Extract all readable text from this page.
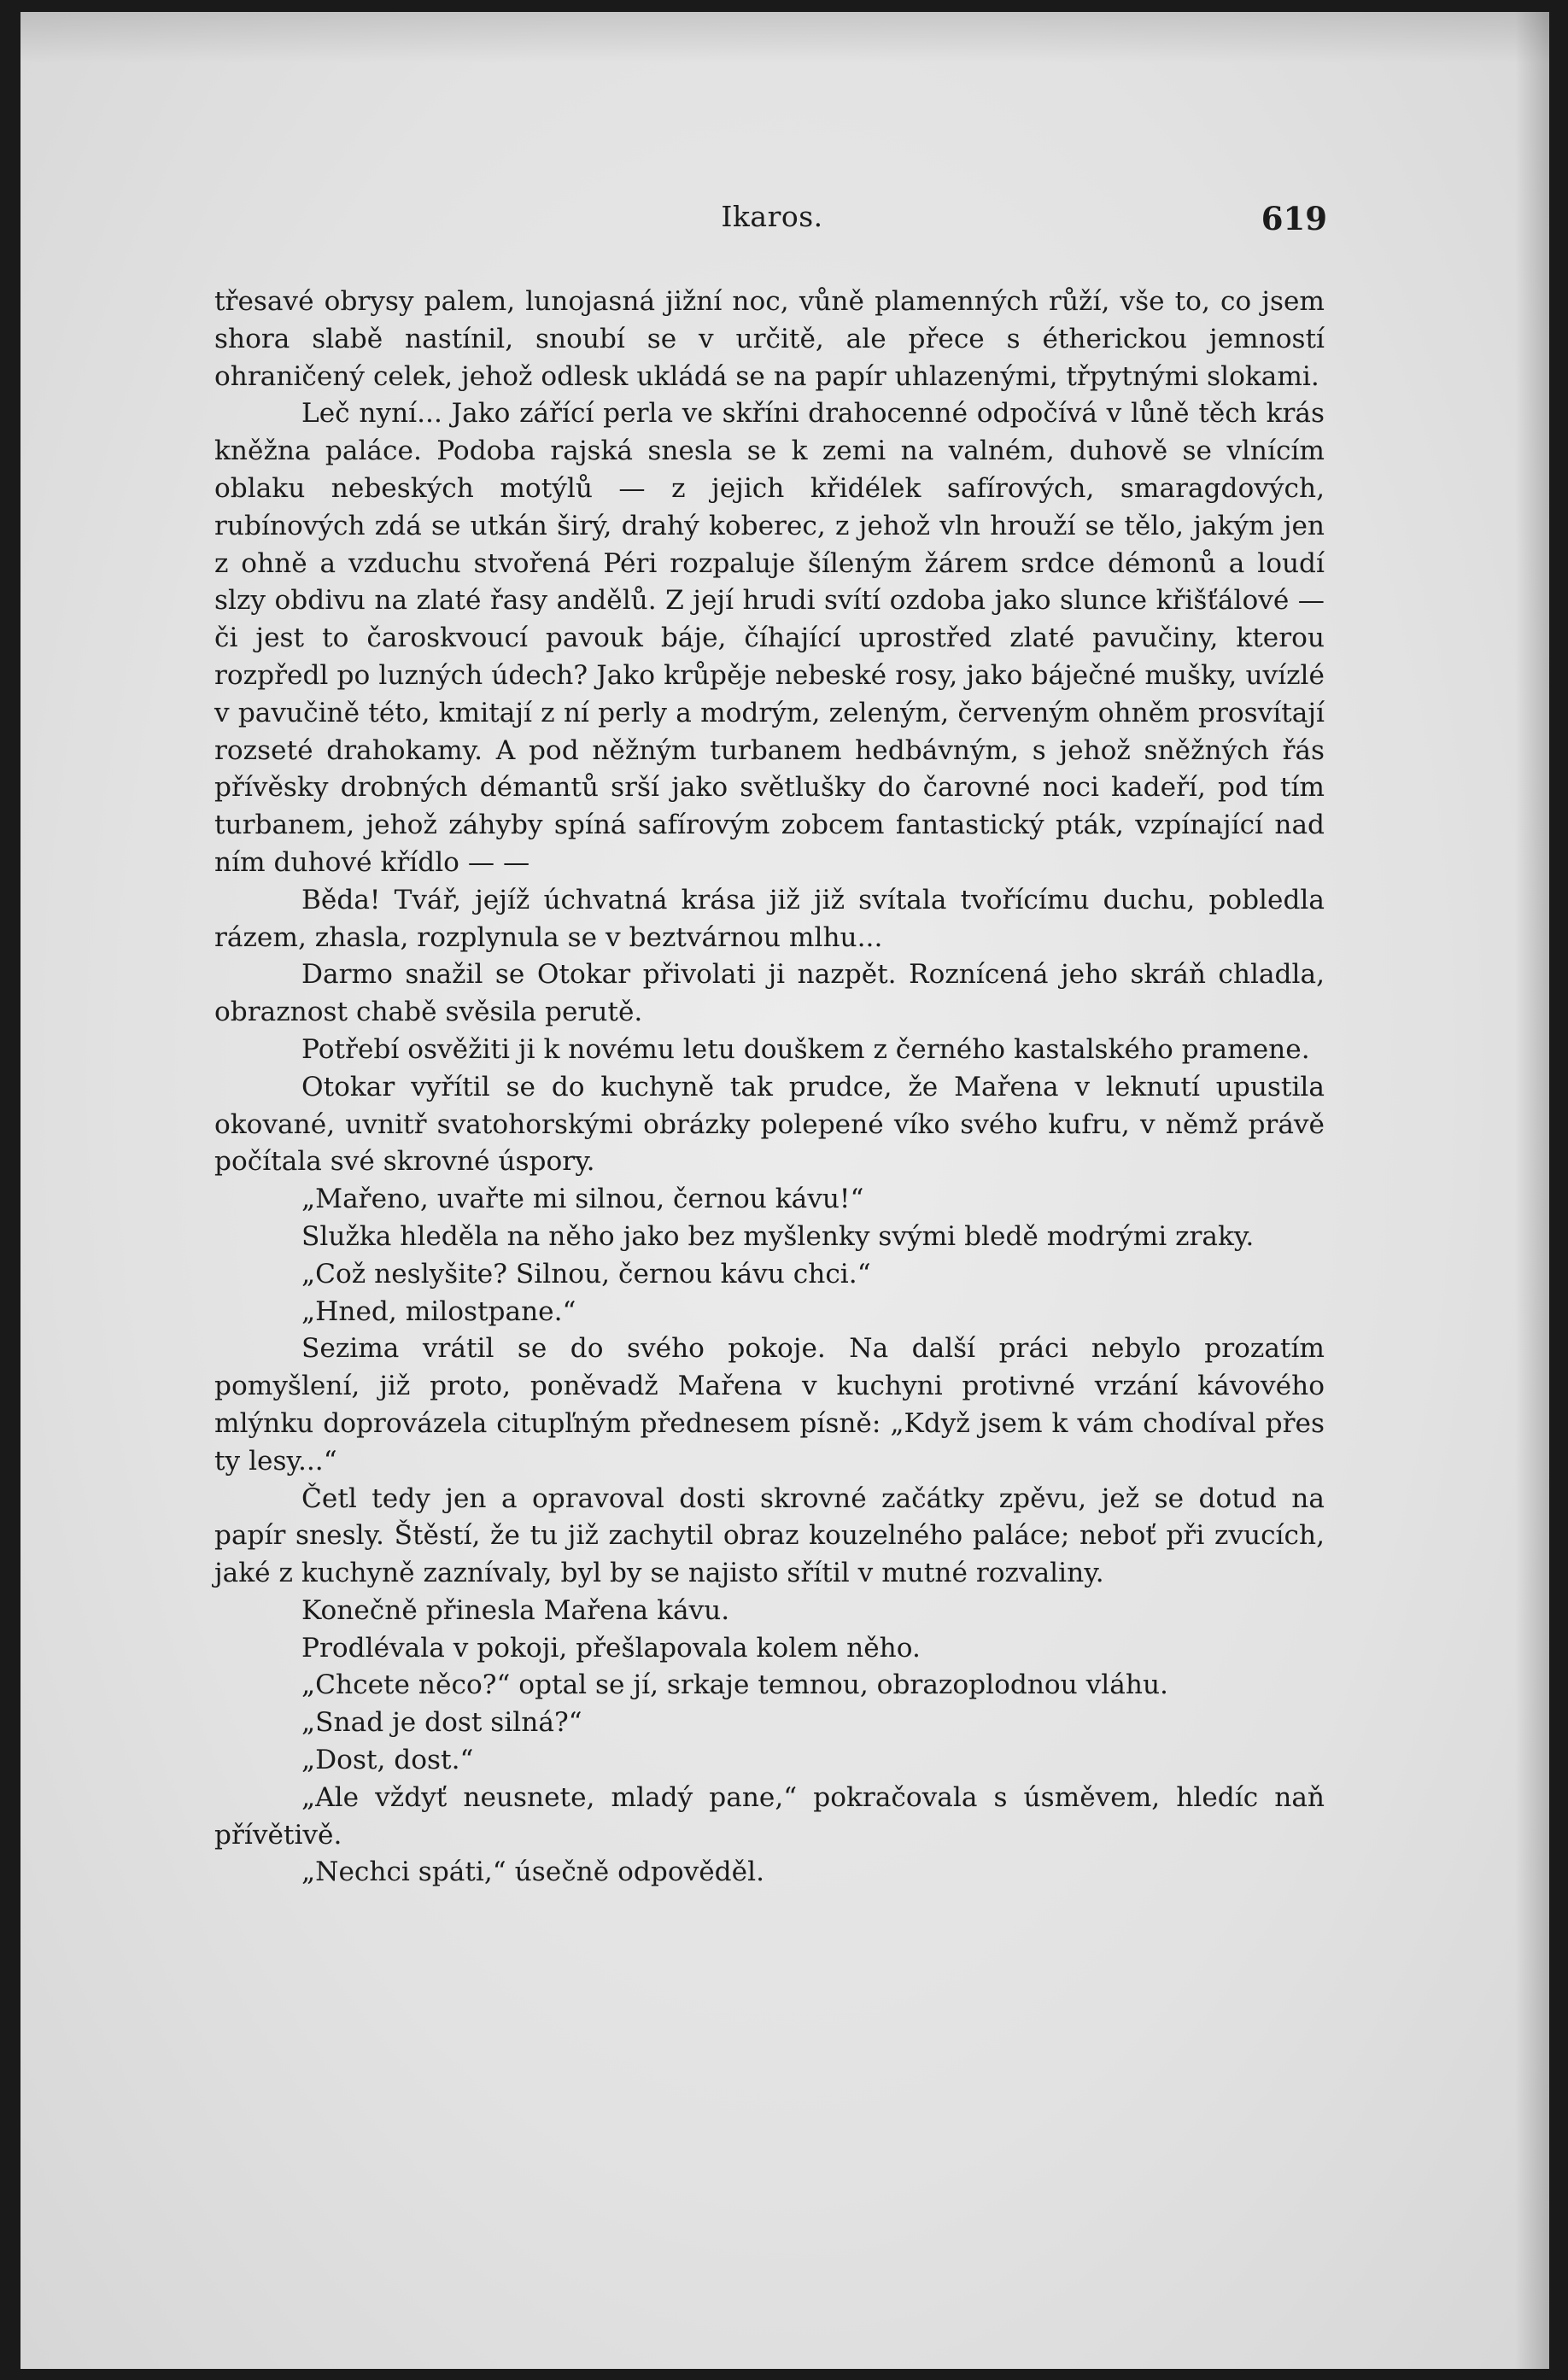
Ikaros.	619

třesavé obrysy palem, lunojasná jižní noc, vůně plamenných růží, vše to, co jsem shora slabě nastínil, snoubí se v určitě, ale přece s étherickou jemností ohraničený celek, jehož odlesk ukládá se na papír uhlazenými, třpytnými slokami.

Leč nyní... Jako zářící perla ve skříni drahocenné odpočívá v lůně těch krás kněžna paláce. Podoba rajská snesla se k zemi na valném, duhově se vlnícím oblaku nebeských motýlů — z jejich křidélek safírových, smaragdových, rubínových zdá se utkán širý, drahý koberec, z jehož vln hrouží se tělo, jakým jen z ohně a vzduchu stvořená Péri rozpaluje šíleným žárem srdce démonů a loudí slzy obdivu na zlaté řasy andělů. Z její hrudi svítí ozdoba jako slunce křišťálové — či jest to čaroskvoucí pavouk báje, číhající uprostřed zlaté pavučiny, kterou rozpředl po luzných údech? Jako krůpěje nebeské rosy, jako báječné mušky, uvízlé v pavučině této, kmitají z ní perly a modrým, zeleným, červeným ohněm prosvítají rozseté drahokamy. A pod něžným turbanem hedbávným, s jehož sněžných řás přívěsky drobných démantů srší jako světlušky do čarovné noci kadeří, pod tím turbanem, jehož záhyby spíná safírovým zobcem fantastický pták, vzpínající nad ním duhové křídlo — —

Běda! Tvář, jejíž úchvatná krása již již svítala tvořícímu duchu, pobledla rázem, zhasla, rozplynula se v beztvárnou mlhu...

Darmo snažil se Otokar přivolati ji nazpět. Roznícená jeho skráň chladla, obraznost chabě svěsila perutě.

Potřebí osvěžiti ji k novému letu douškem z černého kastalského pramene.

Otokar vyřítil se do kuchyně tak prudce, že Mařena v leknutí upustila okované, uvnitř svatohorskými obrázky polepené víko svého kufru, v němž právě počítala své skrovné úspory.

„Mařeno, uvařte mi silnou, černou kávu!“

Služka hleděla na něho jako bez myšlenky svými bledě modrými zraky.

„Což neslyšite? Silnou, černou kávu chci.“

„Hned, milostpane.“

Sezima vrátil se do svého pokoje. Na další práci nebylo prozatím pomyšlení, již proto, poněvadž Mařena v kuchyni protivné vrzání kávového mlýnku doprovázela citupľným přednesem písně: „Když jsem k vám chodíval přes ty lesy...“

Četl tedy jen a opravoval dosti skrovné začátky zpěvu, jež se dotud na papír snesly. Štěstí, že tu již zachytil obraz kouzelného paláce; neboť při zvucích, jaké z kuchyně zaznívaly, byl by se najisto sřítil v mutné rozvaliny.

Konečně přinesla Mařena kávu.

Prodlévala v pokoji, přešlapovala kolem něho.

„Chcete něco?“ optal se jí, srkaje temnou, obrazoplodnou vláhu.

„Snad je dost silná?“

„Dost, dost.“

„Ale vždyť neusnete, mladý pane,“ pokračovala s úsměvem, hledíc naň přívětivě.

„Nechci spáti,“ úsečně odpověděl.
